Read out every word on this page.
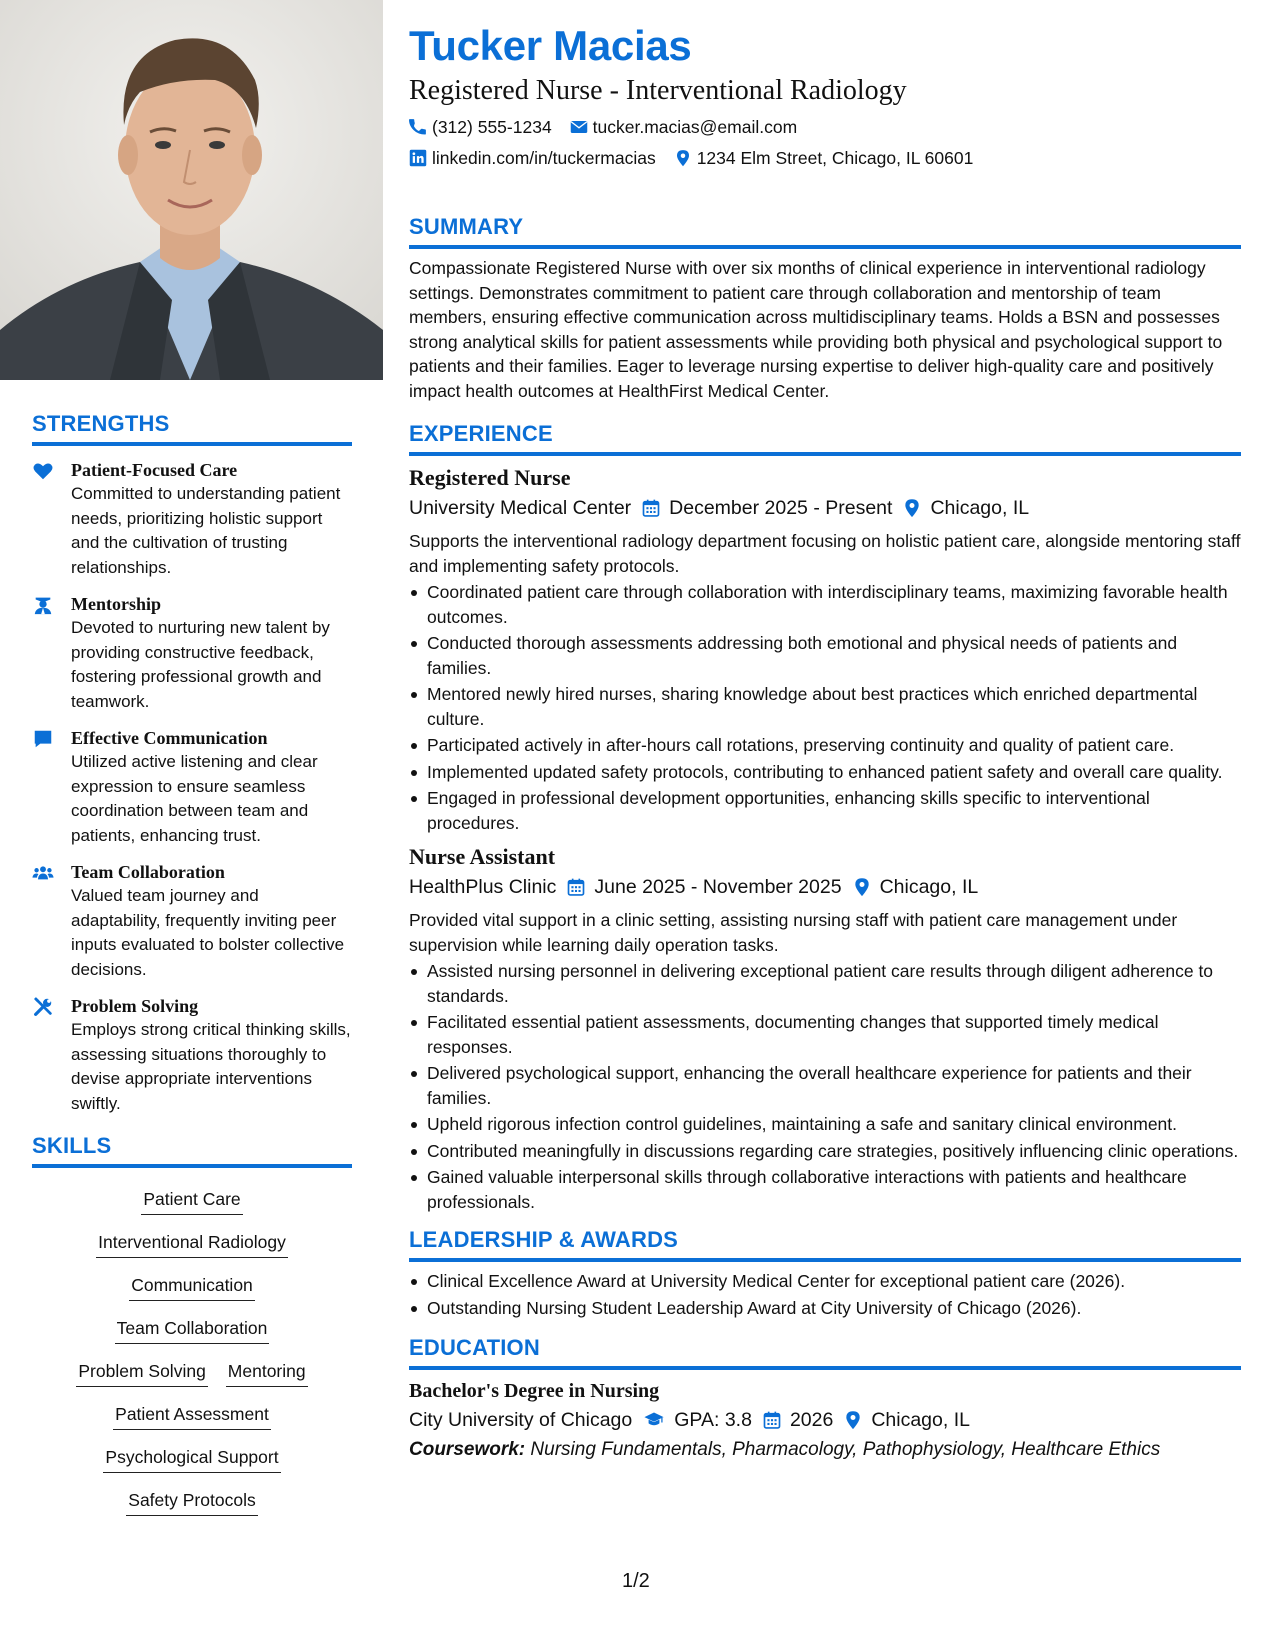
STRENGTHS
Patient-Focused Care
Committed to understanding patient needs, prioritizing holistic support and the cultivation of trusting relationships.
Mentorship
Devoted to nurturing new talent by providing constructive feedback, fostering professional growth and teamwork.
Effective Communication
Utilized active listening and clear expression to ensure seamless coordination between team and patients, enhancing trust.
Team Collaboration
Valued team journey and adaptability, frequently inviting peer inputs evaluated to bolster collective decisions.
Problem Solving
Employs strong critical thinking skills, assessing situations thoroughly to devise appropriate interventions swiftly.
SKILLS
Patient Care
Interventional Radiology
Communication
Team Collaboration
Problem Solving Mentoring
Patient Assessment
Psychological Support
Safety Protocols
Tucker Macias
Registered Nurse - Interventional Radiology
(312) 555-1234 tucker.macias@email.com
linkedin.com/in/tuckermacias 1234 Elm Street, Chicago, IL 60601
SUMMARY
Compassionate Registered Nurse with over six months of clinical experience in interventional radiology settings. Demonstrates commitment to patient care through collaboration and mentorship of team members, ensuring effective communication across multidisciplinary teams. Holds a BSN and possesses strong analytical skills for patient assessments while providing both physical and psychological support to patients and their families. Eager to leverage nursing expertise to deliver high-quality care and positively impact health outcomes at HealthFirst Medical Center.
EXPERIENCE
Registered Nurse
University Medical Center December 2025 - Present Chicago, IL
Supports the interventional radiology department focusing on holistic patient care, alongside mentoring staff and implementing safety protocols.
Coordinated patient care through collaboration with interdisciplinary teams, maximizing favorable health outcomes.
Conducted thorough assessments addressing both emotional and physical needs of patients and families.
Mentored newly hired nurses, sharing knowledge about best practices which enriched departmental culture.
Participated actively in after-hours call rotations, preserving continuity and quality of patient care.
Implemented updated safety protocols, contributing to enhanced patient safety and overall care quality.
Engaged in professional development opportunities, enhancing skills specific to interventional procedures.
Nurse Assistant
HealthPlus Clinic June 2025 - November 2025 Chicago, IL
Provided vital support in a clinic setting, assisting nursing staff with patient care management under supervision while learning daily operation tasks.
Assisted nursing personnel in delivering exceptional patient care results through diligent adherence to standards.
Facilitated essential patient assessments, documenting changes that supported timely medical responses.
Delivered psychological support, enhancing the overall healthcare experience for patients and their families.
Upheld rigorous infection control guidelines, maintaining a safe and sanitary clinical environment.
Contributed meaningfully in discussions regarding care strategies, positively influencing clinic operations.
Gained valuable interpersonal skills through collaborative interactions with patients and healthcare professionals.
LEADERSHIP & AWARDS
Clinical Excellence Award at University Medical Center for exceptional patient care (2026).
Outstanding Nursing Student Leadership Award at City University of Chicago (2026).
EDUCATION
Bachelor's Degree in Nursing
City University of Chicago GPA: 3.8 2026 Chicago, IL
Coursework: Nursing Fundamentals, Pharmacology, Pathophysiology, Healthcare Ethics
1/2
